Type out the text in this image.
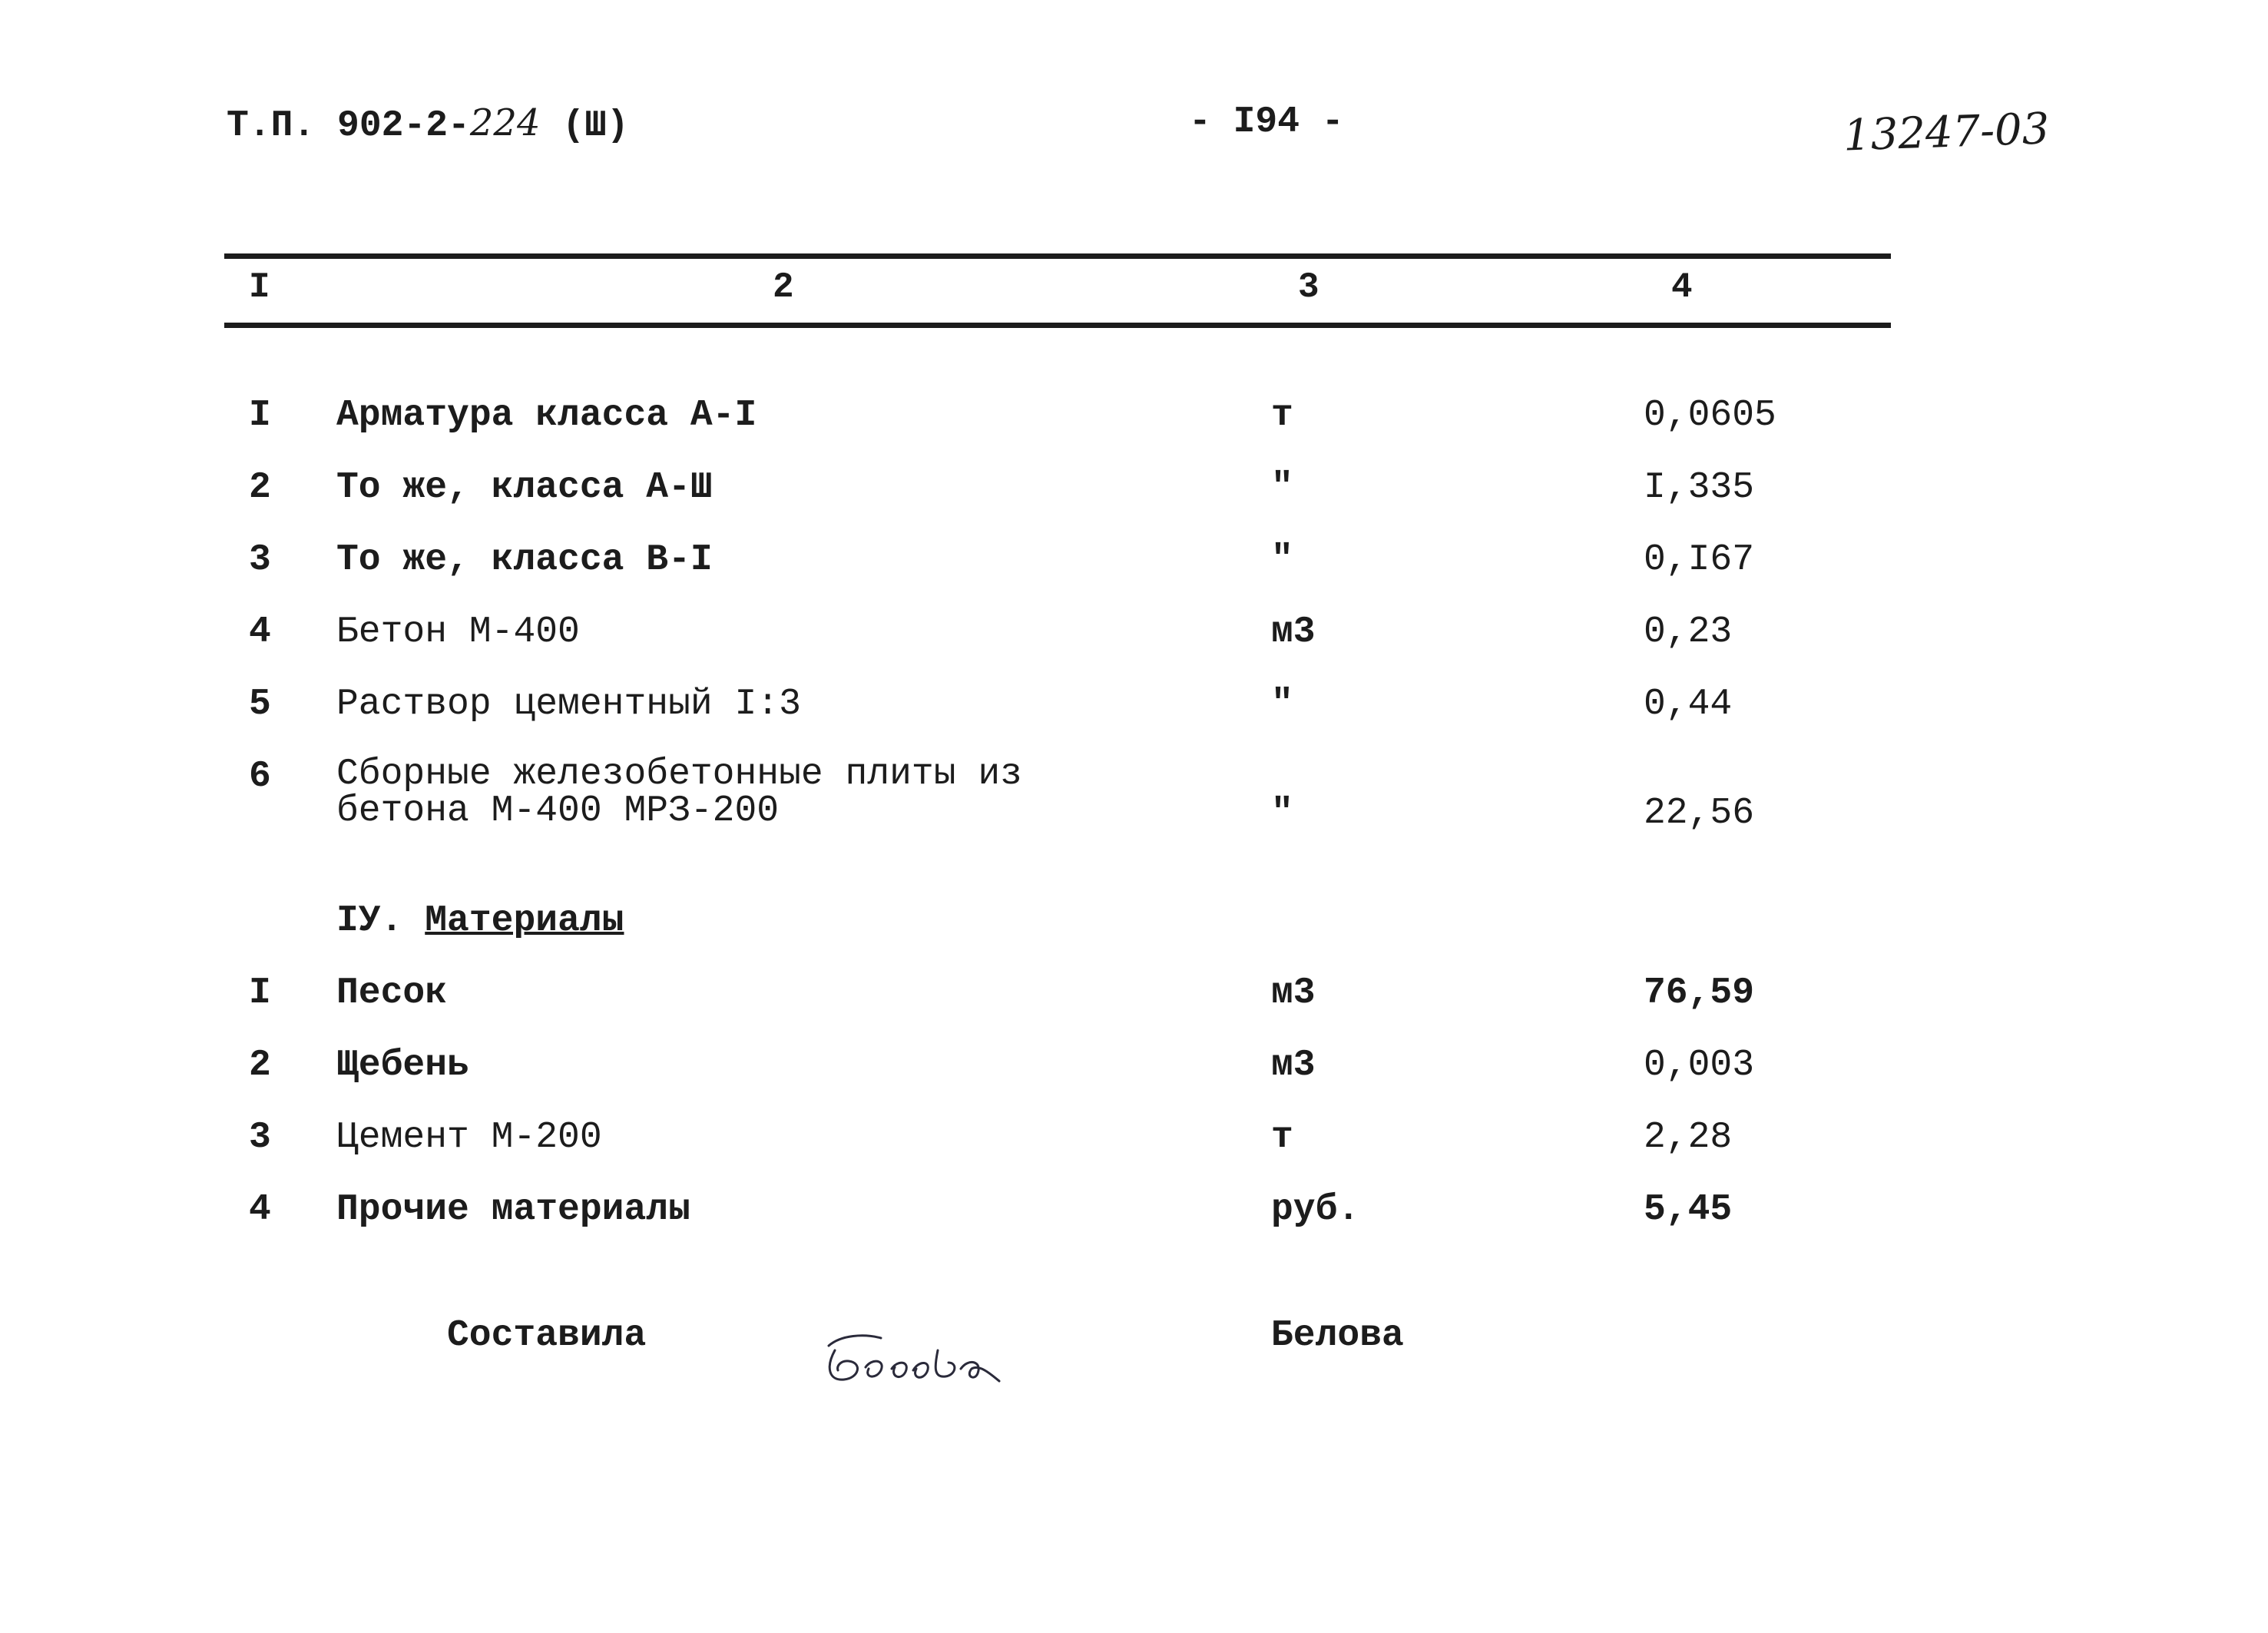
Т.П. 902-2-224 (Ш)	- I94 -	13247-03
I	2	3	4
I Арматура класса А-I	т	0,0605
2 То же, класса А-Ш	"	I,335
3 То же, класса В-I	"	0,I67
4 Бетон М-400	м3	0,23
5 Раствор цементный I:3	"	0,44
6 Сборные железобетонные плиты из
бетона М-400 МРЗ-200	"	22,56
IУ. Материалы
I Песок	м3	76,59
2 Щебень	м3	0,003
3 Цемент М-200	т	2,28
4 Прочие материалы	руб.	5,45
Составила	Белова
